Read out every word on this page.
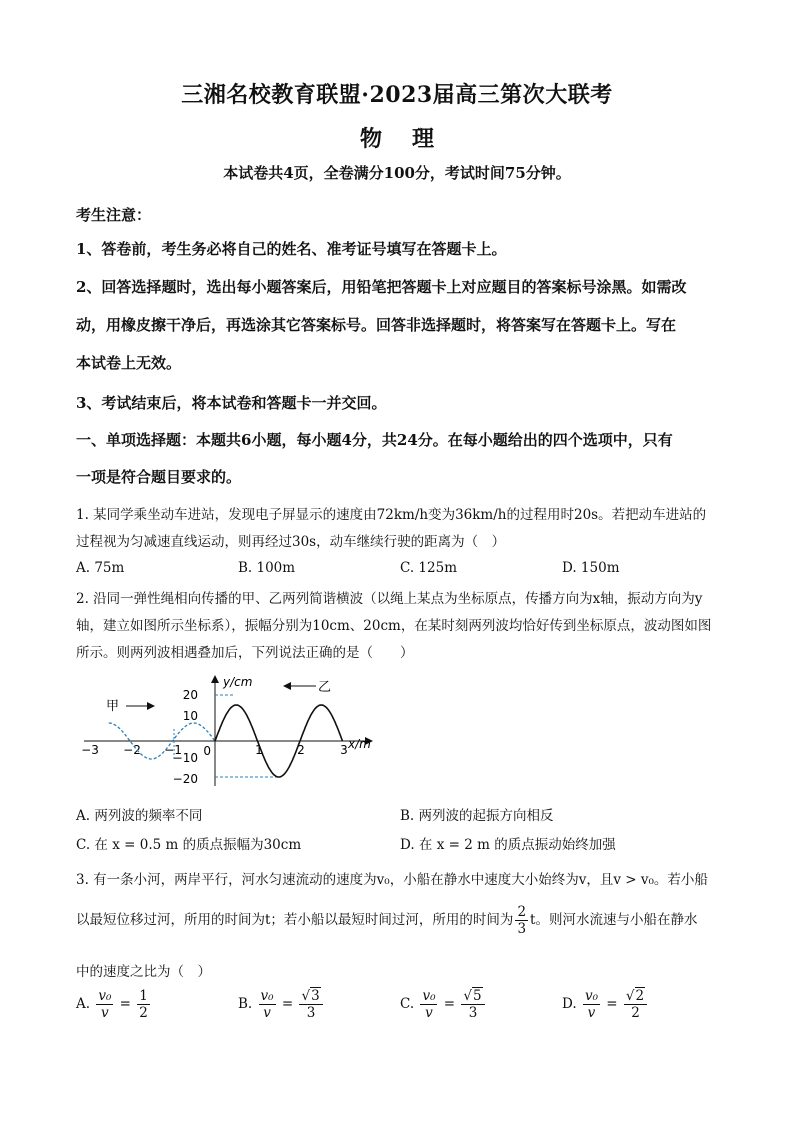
三湘名校教育联盟·2023届高三第次大联考
物理
本试卷共4页，全卷满分100分，考试时间75分钟。
考生注意：
1、答卷前，考生务必将自己的姓名、准考证号填写在答题卡上。
2、回答选择题时，选出每小题答案后，用铅笔把答题卡上对应题目的答案标号涂黑。如需改
动，用橡皮擦干净后，再选涂其它答案标号。回答非选择题时，将答案写在答题卡上。写在
本试卷上无效。
3、考试结束后，将本试卷和答题卡一并交回。
一、单项选择题：本题共6小题，每小题4分，共24分。在每小题给出的四个选项中，只有
一项是符合题目要求的。
1. 某同学乘坐动车进站，发现电子屏显示的速度由72km/h变为36km/h的过程用时20s。若把动车进站的
过程视为匀减速直线运动，则再经过30s，动车继续行驶的距离为（　）
A. 75m	B. 100m	C. 125m	D. 150m
2. 沿同一弹性绳相向传播的甲、乙两列简谐横波（以绳上某点为坐标原点，传播方向为x轴，振动方向为y
轴，建立如图所示坐标系），振幅分别为10cm、20cm，在某时刻两列波均恰好传到坐标原点，波动图如图
所示。则两列波相遇叠加后，下列说法正确的是（　　）
y/cm
x/m
20
10
0
−10
−20
−3 −2 −1	1	2	3
甲
乙
A. 两列波的频率不同	B. 两列波的起振方向相反
C. 在 x = 0.5 m 的质点振幅为30cm	D. 在 x = 2 m 的质点振动始终加强
3. 有一条小河，两岸平行，河水匀速流动的速度为v₀，小船在静水中速度大小始终为v，且v > v₀。若小船
以最短位移过河，所用的时间为t；若小船以最短时间过河，所用的时间为 $\frac{2}{3}$ t。则河水流速与小船在静水
中的速度之比为（　）
A. $\frac{\text{v₀}}{v} = \frac{1}{2}$	B. $\frac{\text{v₀}}{v} = \frac{√3}{3}$	C. $\frac{\text{v₀}}{v} = \frac{√5}{3}$	D. $\frac{\text{v₀}}{v} = \frac{√2}{2}$
